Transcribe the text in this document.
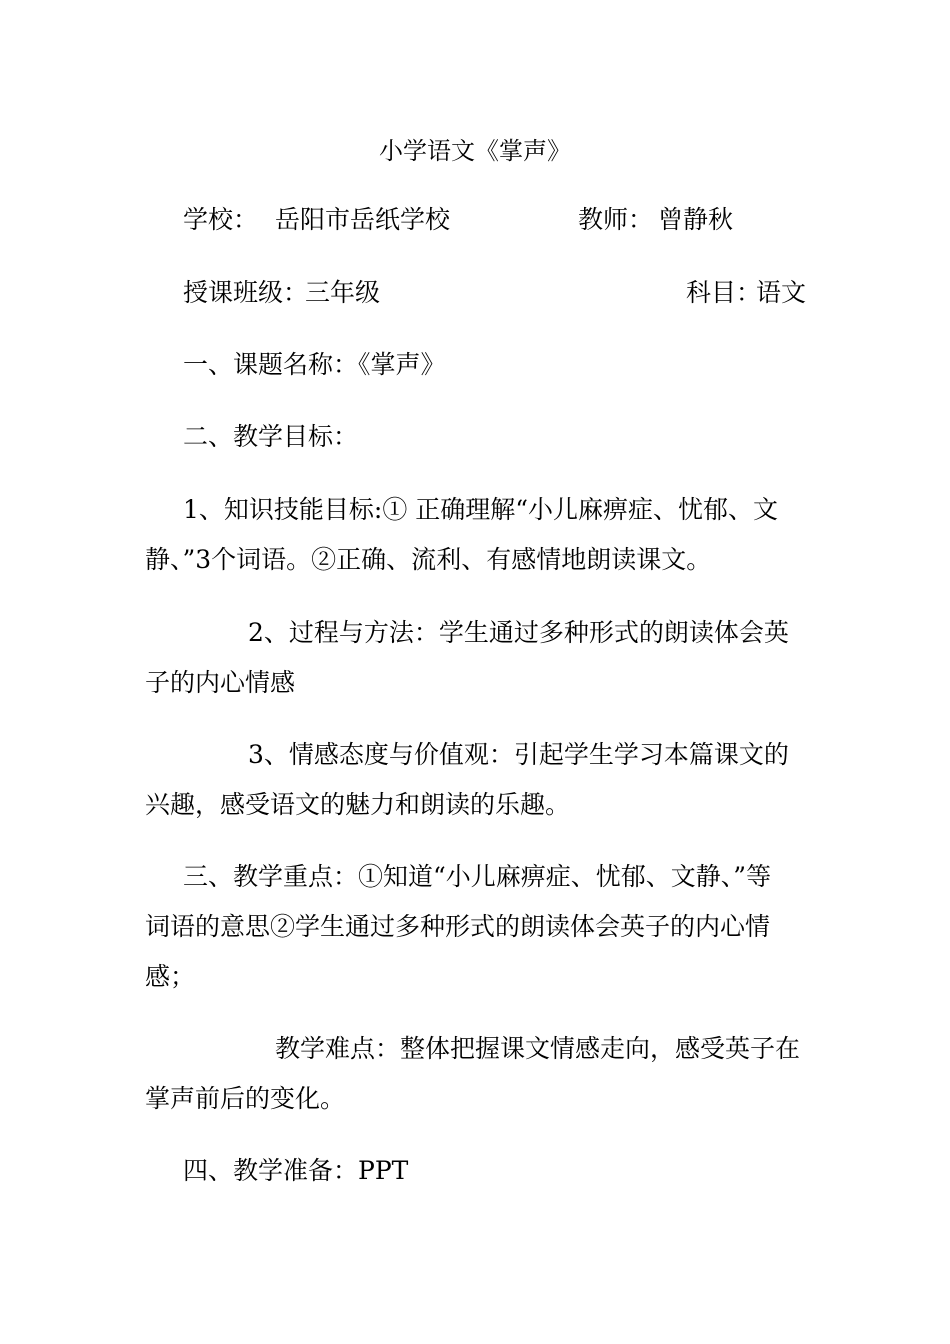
小学语文《掌声》
学校： 岳阳市岳纸学校	教师： 曾静秋
授课班级：
三年级	科目：
语文
一、课题名称：《掌声》
二、教学目标：
1、知识技能目标:① 正确理解“小儿麻痹症、忧郁、文
静、”3个词语。②正确、流利、有感情地朗读课文。
2、过程与方法：学生通过多种形式的朗读体会英
子的内心情感
3、情感态度与价值观：引起学生学习本篇课文的
兴趣，感受语文的魅力和朗读的乐趣。
三、教学重点：①知道“小儿麻痹症、忧郁、文静、”等
词语的意思②学生通过多种形式的朗读体会英子的内心情
感；
教学难点：整体把握课文情感走向，感受英子在
掌声前后的变化。
四、教学准备：PPT
